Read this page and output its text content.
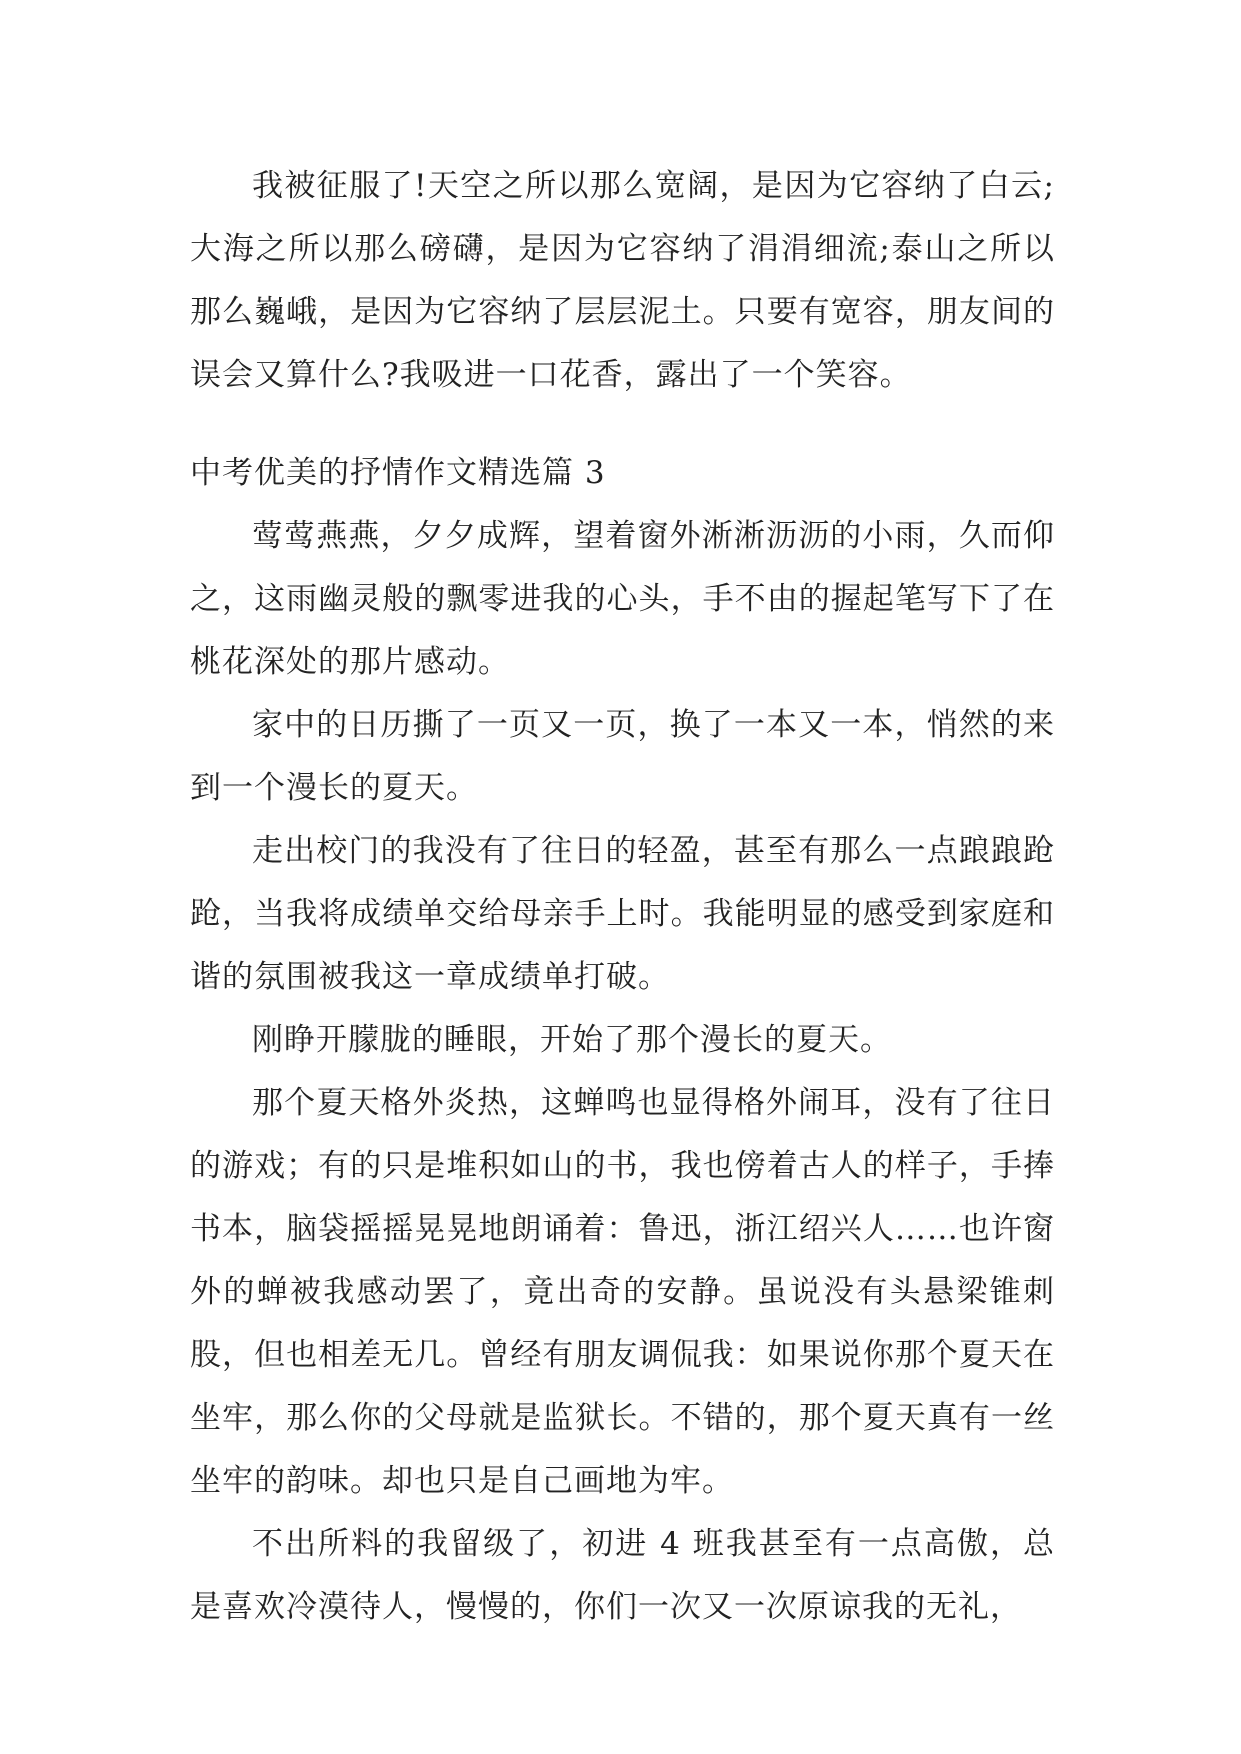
我被征服了!天空之所以那么宽阔，是因为它容纳了白云;大海之所以那么磅礴，是因为它容纳了涓涓细流;泰山之所以那么巍峨，是因为它容纳了层层泥土。只要有宽容，朋友间的误会又算什么?我吸进一口花香，露出了一个笑容。

中考优美的抒情作文精选篇 3

莺莺燕燕，夕夕成辉，望着窗外淅淅沥沥的小雨，久而仰之，这雨幽灵般的飘零进我的心头，手不由的握起笔写下了在桃花深处的那片感动。

家中的日历撕了一页又一页，换了一本又一本，悄然的来到一个漫长的夏天。

走出校门的我没有了往日的轻盈，甚至有那么一点踉踉跄跄，当我将成绩单交给母亲手上时。我能明显的感受到家庭和谐的氛围被我这一章成绩单打破。

刚睁开朦胧的睡眼，开始了那个漫长的夏天。

那个夏天格外炎热，这蝉鸣也显得格外闹耳，没有了往日的游戏；有的只是堆积如山的书，我也傍着古人的样子，手捧书本，脑袋摇摇晃晃地朗诵着：鲁迅，浙江绍兴人……也许窗外的蝉被我感动罢了，竟出奇的安静。虽说没有头悬梁锥刺股，但也相差无几。曾经有朋友调侃我：如果说你那个夏天在坐牢，那么你的父母就是监狱长。不错的，那个夏天真有一丝坐牢的韵味。却也只是自己画地为牢。

不出所料的我留级了，初进 4 班我甚至有一点高傲，总是喜欢冷漠待人，慢慢的，你们一次又一次原谅我的无礼，
